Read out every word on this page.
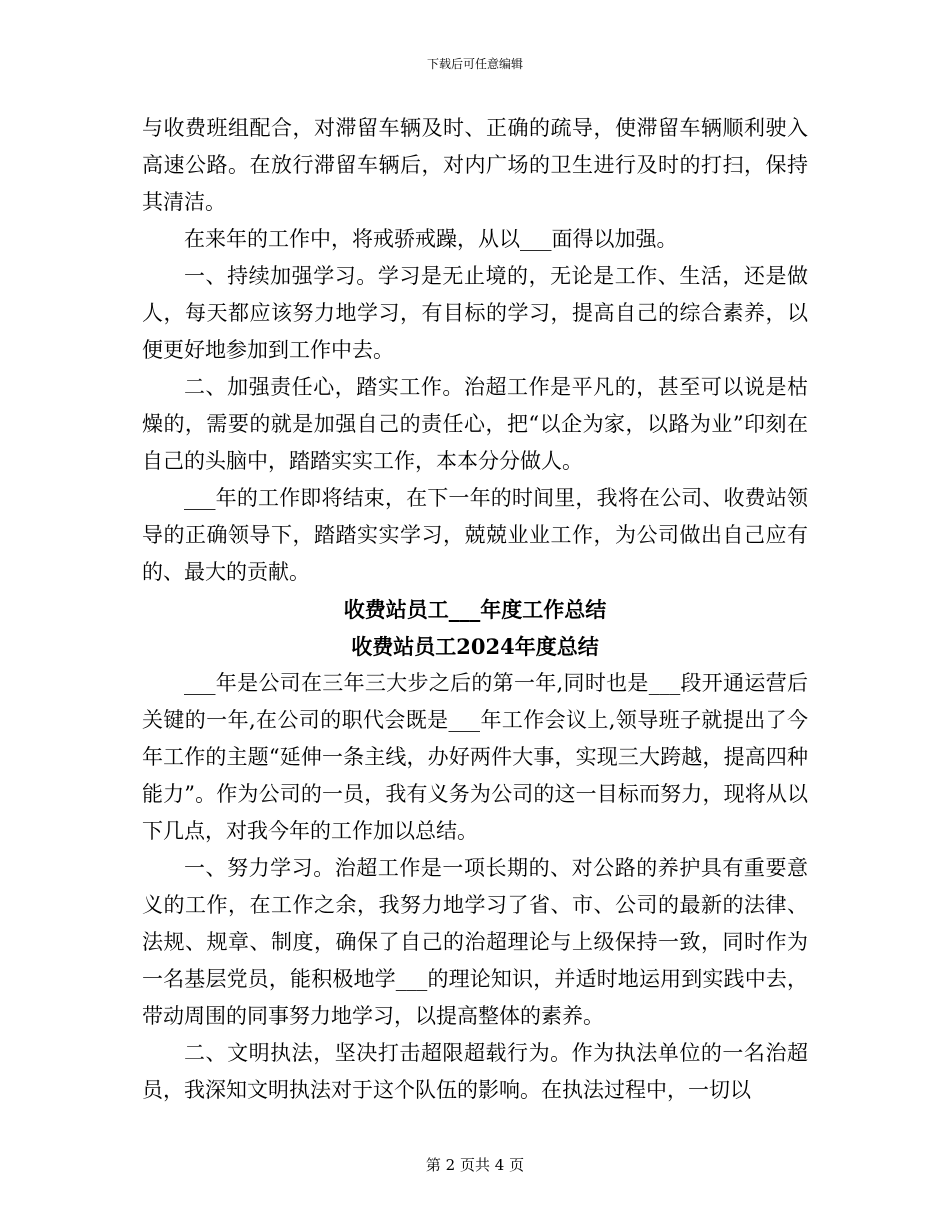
下载后可任意编辑

与收费班组配合，对滞留车辆及时、正确的疏导，使滞留车辆顺利驶入高速公路。在放行滞留车辆后，对内广场的卫生进行及时的打扫，保持其清洁。

在来年的工作中，将戒骄戒躁，从以___面得以加强。

一、持续加强学习。学习是无止境的，无论是工作、生活，还是做人，每天都应该努力地学习，有目标的学习，提高自己的综合素养，以便更好地参加到工作中去。

二、加强责任心，踏实工作。治超工作是平凡的，甚至可以说是枯燥的，需要的就是加强自己的责任心，把“以企为家，以路为业”印刻在自己的头脑中，踏踏实实工作，本本分分做人。

___年的工作即将结束，在下一年的时间里，我将在公司、收费站领导的正确领导下，踏踏实实学习，兢兢业业工作，为公司做出自己应有的、最大的贡献。

收费站员工___年度工作总结

收费站员工2024年度总结

___年是公司在三年三大步之后的第一年,同时也是___段开通运营后关键的一年,在公司的职代会既是___年工作会议上,领导班子就提出了今年工作的主题“延伸一条主线，办好两件大事，实现三大跨越，提高四种能力”。作为公司的一员，我有义务为公司的这一目标而努力，现将从以下几点，对我今年的工作加以总结。

一、努力学习。治超工作是一项长期的、对公路的养护具有重要意义的工作，在工作之余，我努力地学习了省、市、公司的最新的法律、法规、规章、制度，确保了自己的治超理论与上级保持一致，同时作为一名基层党员，能积极地学___的理论知识，并适时地运用到实践中去，带动周围的同事努力地学习，以提高整体的素养。

二、文明执法，坚决打击超限超载行为。作为执法单位的一名治超员，我深知文明执法对于这个队伍的影响。在执法过程中，一切以

第 2 页共 4 页
